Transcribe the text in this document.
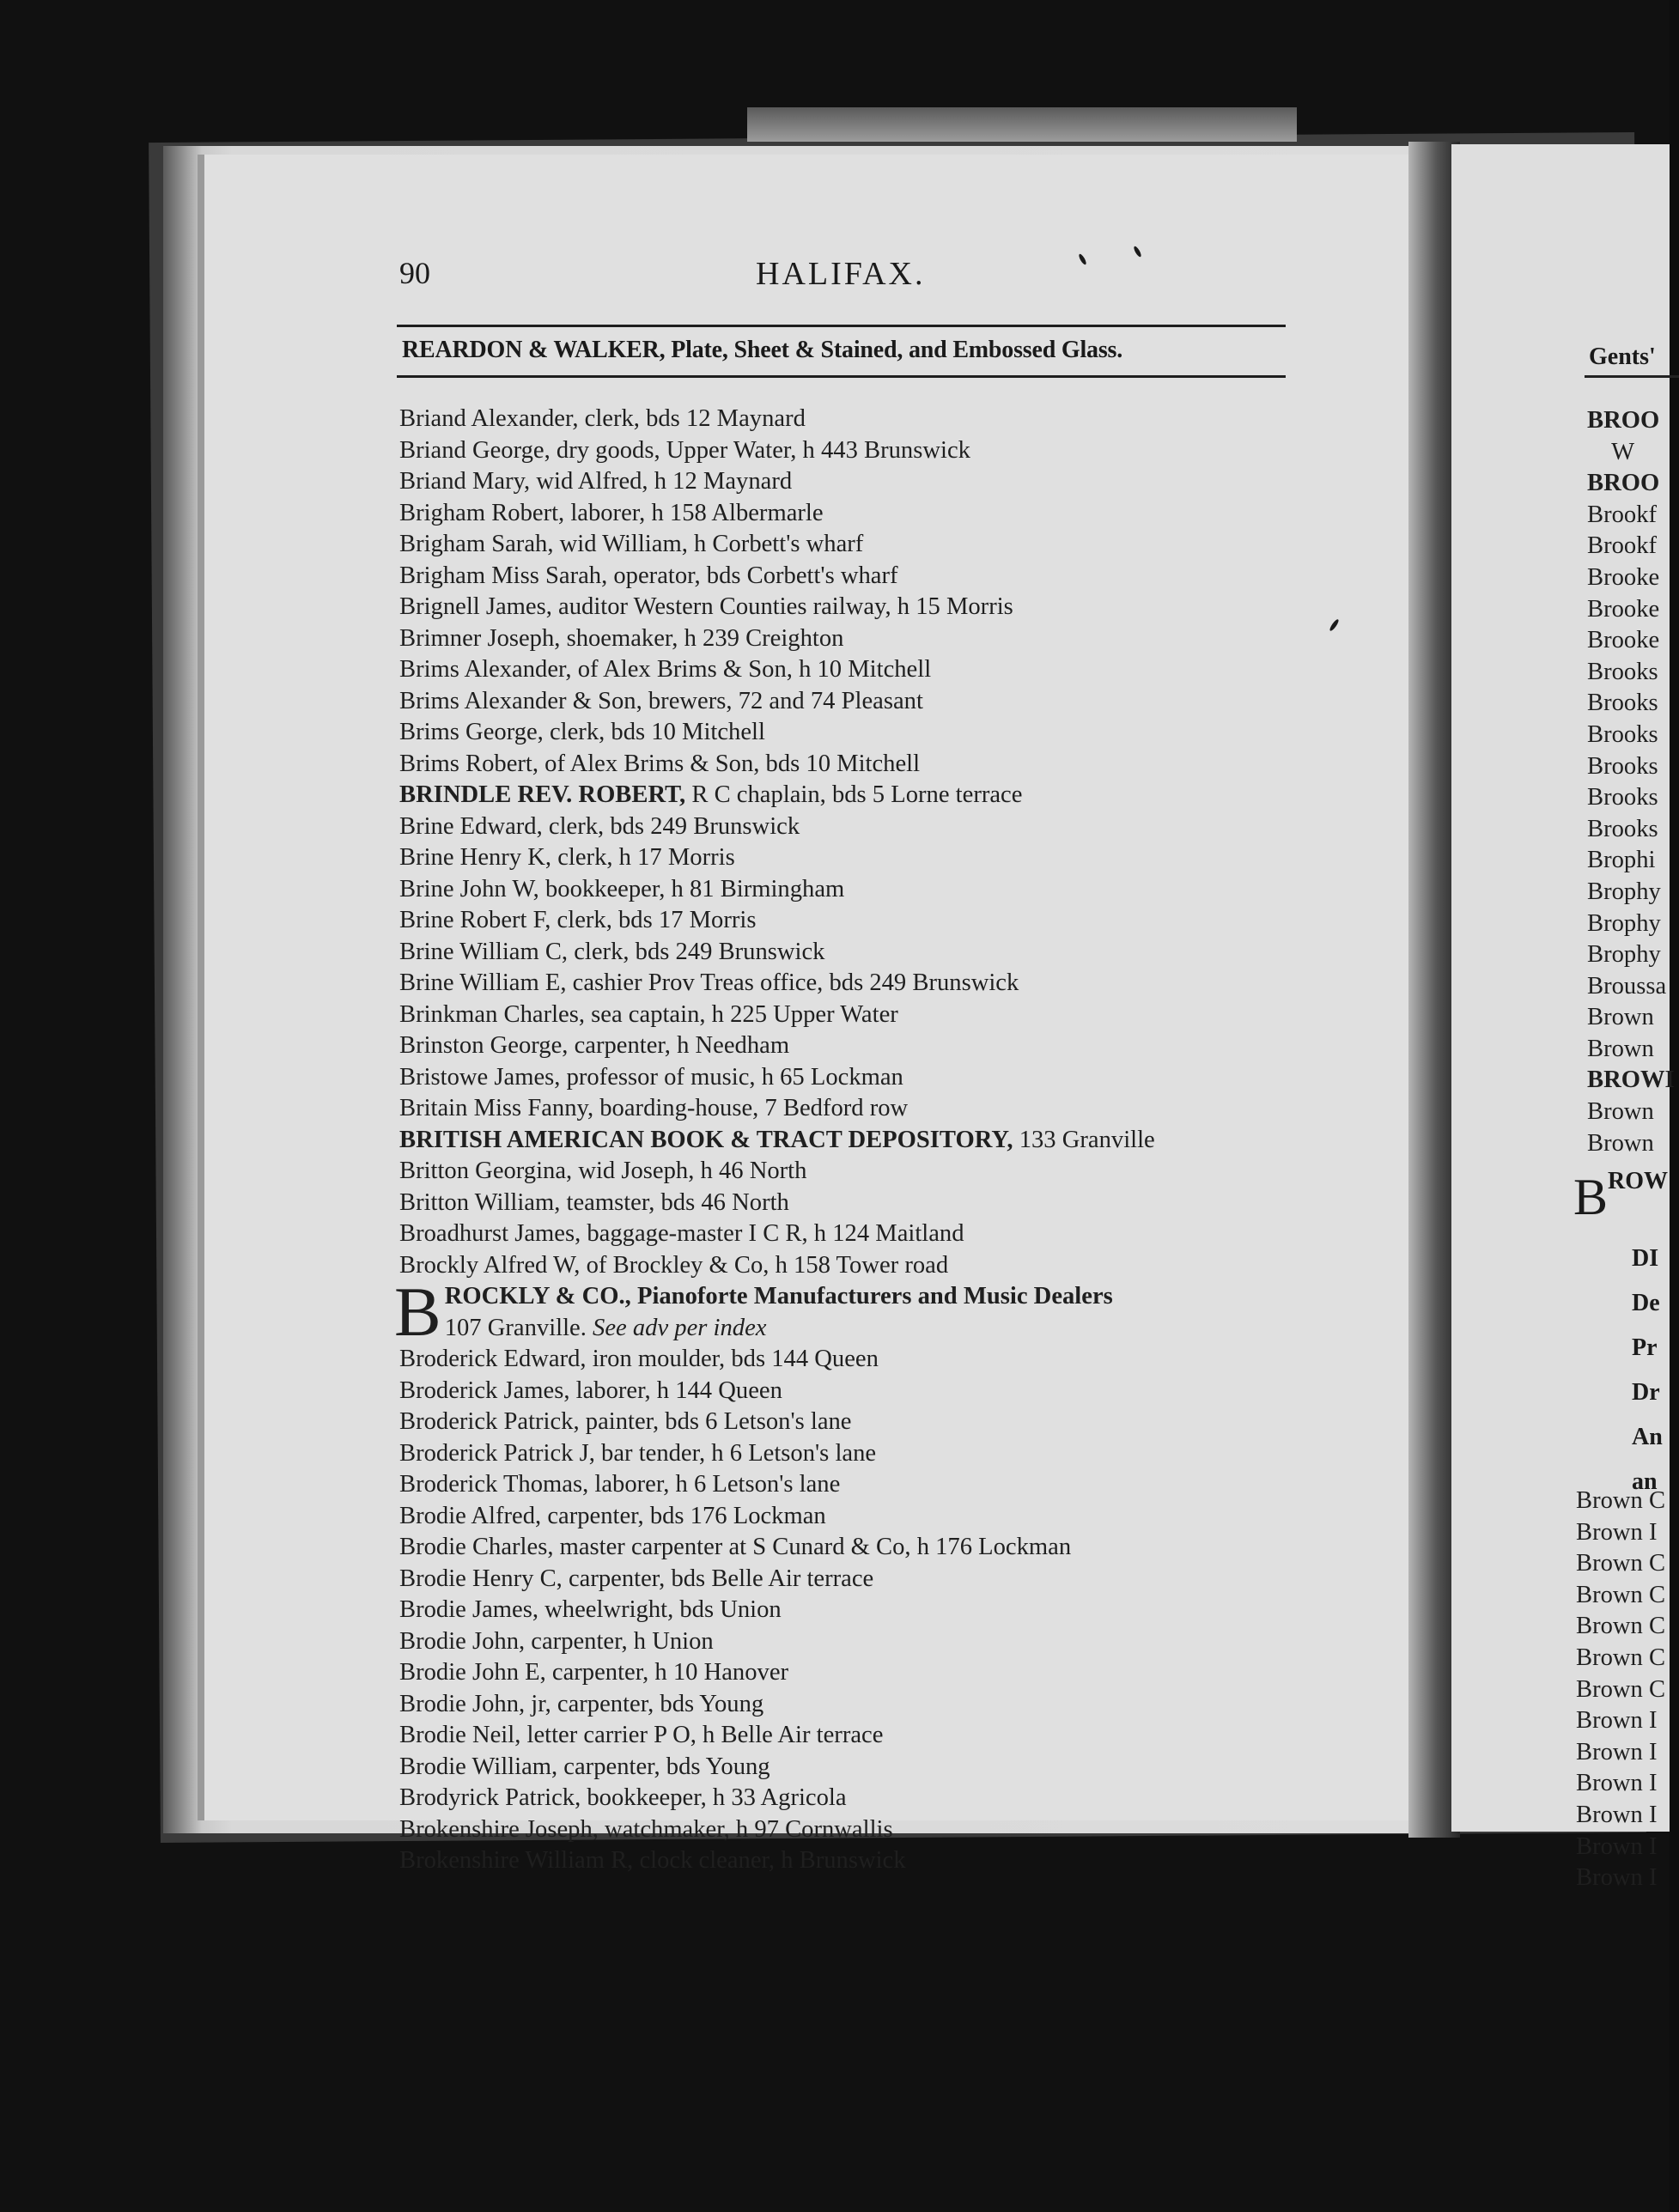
90	HALIFAX.
REARDON & WALKER, Plate, Sheet & Stained, and Embossed Glass.
Briand Alexander, clerk, bds 12 Maynard
Briand George, dry goods, Upper Water, h 443 Brunswick
Briand Mary, wid Alfred, h 12 Maynard
Brigham Robert, laborer, h 158 Albermarle
Brigham Sarah, wid William, h Corbett's wharf
Brigham Miss Sarah, operator, bds Corbett's wharf
Brignell James, auditor Western Counties railway, h 15 Morris
Brimner Joseph, shoemaker, h 239 Creighton
Brims Alexander, of Alex Brims & Son, h 10 Mitchell
Brims Alexander & Son, brewers, 72 and 74 Pleasant
Brims George, clerk, bds 10 Mitchell
Brims Robert, of Alex Brims & Son, bds 10 Mitchell
BRINDLE REV. ROBERT, R C chaplain, bds 5 Lorne terrace
Brine Edward, clerk, bds 249 Brunswick
Brine Henry K, clerk, h 17 Morris
Brine John W, bookkeeper, h 81 Birmingham
Brine Robert F, clerk, bds 17 Morris
Brine William C, clerk, bds 249 Brunswick
Brine William E, cashier Prov Treas office, bds 249 Brunswick
Brinkman Charles, sea captain, h 225 Upper Water
Brinston George, carpenter, h Needham
Bristowe James, professor of music, h 65 Lockman
Britain Miss Fanny, boarding-house, 7 Bedford row
BRITISH AMERICAN BOOK & TRACT DEPOSITORY, 133 Granville
Britton Georgina, wid Joseph, h 46 North
Britton William, teamster, bds 46 North
Broadhurst James, baggage-master I C R, h 124 Maitland
Brockly Alfred W, of Brockley & Co, h 158 Tower road
B ROCKLY & CO., Pianoforte Manufacturers and Music Dealers
107 Granville. See adv per index
Broderick Edward, iron moulder, bds 144 Queen
Broderick James, laborer, h 144 Queen
Broderick Patrick, painter, bds 6 Letson's lane
Broderick Patrick J, bar tender, h 6 Letson's lane
Broderick Thomas, laborer, h 6 Letson's lane
Brodie Alfred, carpenter, bds 176 Lockman
Brodie Charles, master carpenter at S Cunard & Co, h 176 Lockman
Brodie Henry C, carpenter, bds Belle Air terrace
Brodie James, wheelwright, bds Union
Brodie John, carpenter, h Union
Brodie John E, carpenter, h 10 Hanover
Brodie John, jr, carpenter, bds Young
Brodie Neil, letter carrier P O, h Belle Air terrace
Brodie William, carpenter, bds Young
Brodyrick Patrick, bookkeeper, h 33 Agricola
Brokenshire Joseph, watchmaker, h 97 Cornwallis
Brokenshire William R, clock cleaner, h Brunswick
Gents'
BROO
W
BROO
Brookf
Brookf
Brooke
Brooke
Brooke
Brooks
Brooks
Brooks
Brooks
Brooks
Brooks
Brophi
Brophy
Brophy
Brophy
Broussa
Brown
Brown
BROWI
Brown
Brown
$B^{ROW}$
DI
De
Pr
Dr
An
an
Brown C
Brown I
Brown C
Brown C
Brown C
Brown C
Brown C
Brown I
Brown I
Brown I
Brown I
Brown I
Brown I
